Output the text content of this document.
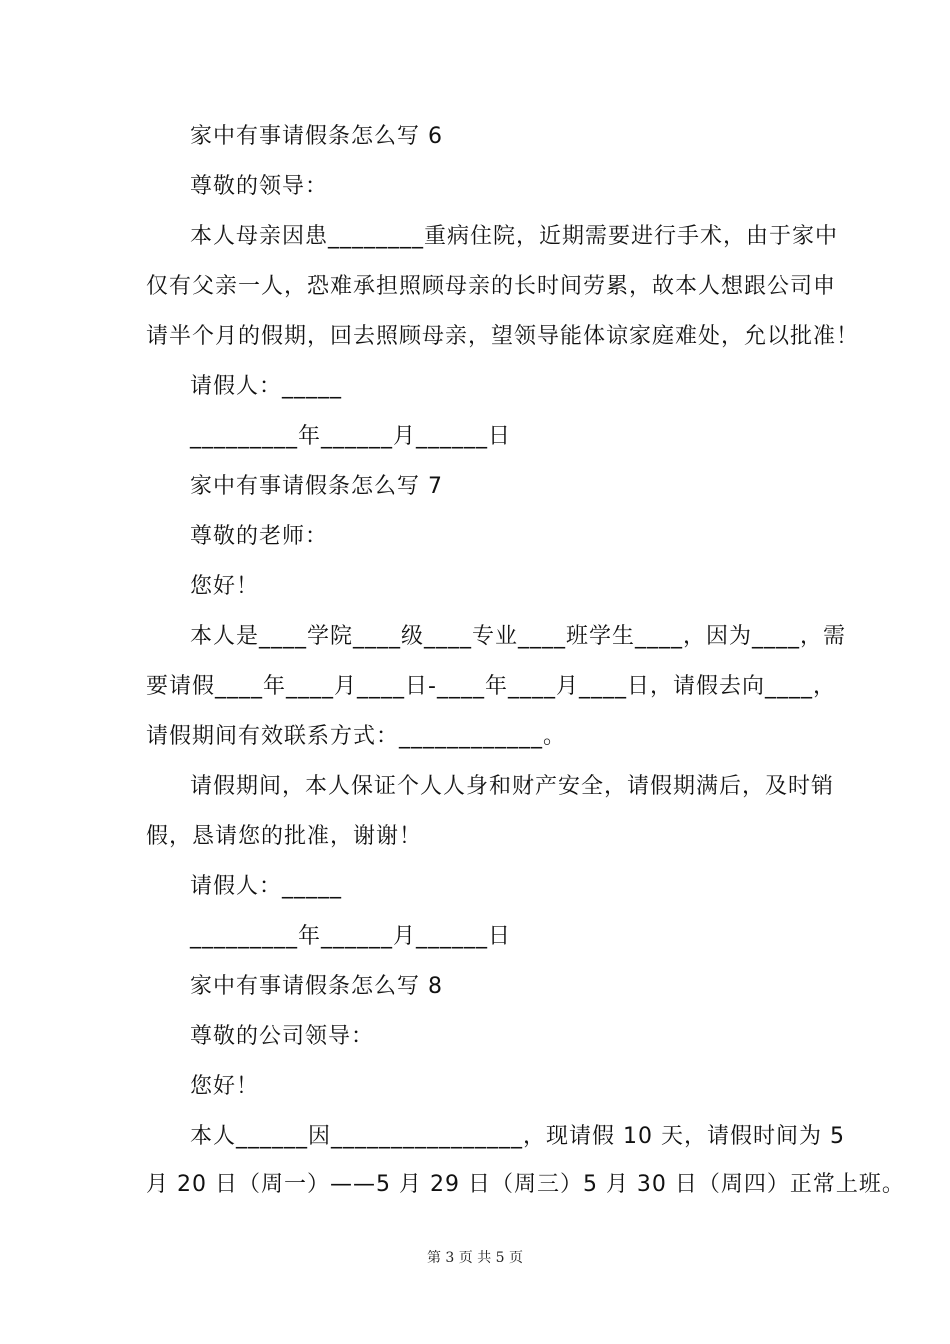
家中有事请假条怎么写 6
尊敬的领导：
本人母亲因患________重病住院，近期需要进行手术，由于家中
仅有父亲一人，恐难承担照顾母亲的长时间劳累，故本人想跟公司申
请半个月的假期，回去照顾母亲，望领导能体谅家庭难处，允以批准！
请假人：_____
_________年______月______日
家中有事请假条怎么写 7
尊敬的老师：
您好！
本人是____学院____级____专业____班学生____，因为____，需
要请假____年____月____日-____年____月____日，请假去向____，
请假期间有效联系方式：____________。
请假期间，本人保证个人人身和财产安全，请假期满后，及时销
假，恳请您的批准，谢谢！
请假人：_____
_________年______月______日
家中有事请假条怎么写 8
尊敬的公司领导：
您好！
本人______因________________，现请假 10 天，请假时间为 5
月 20 日（周一）——5 月 29 日（周三）5 月 30 日（周四）正常上班。
第 3 页 共 5 页
